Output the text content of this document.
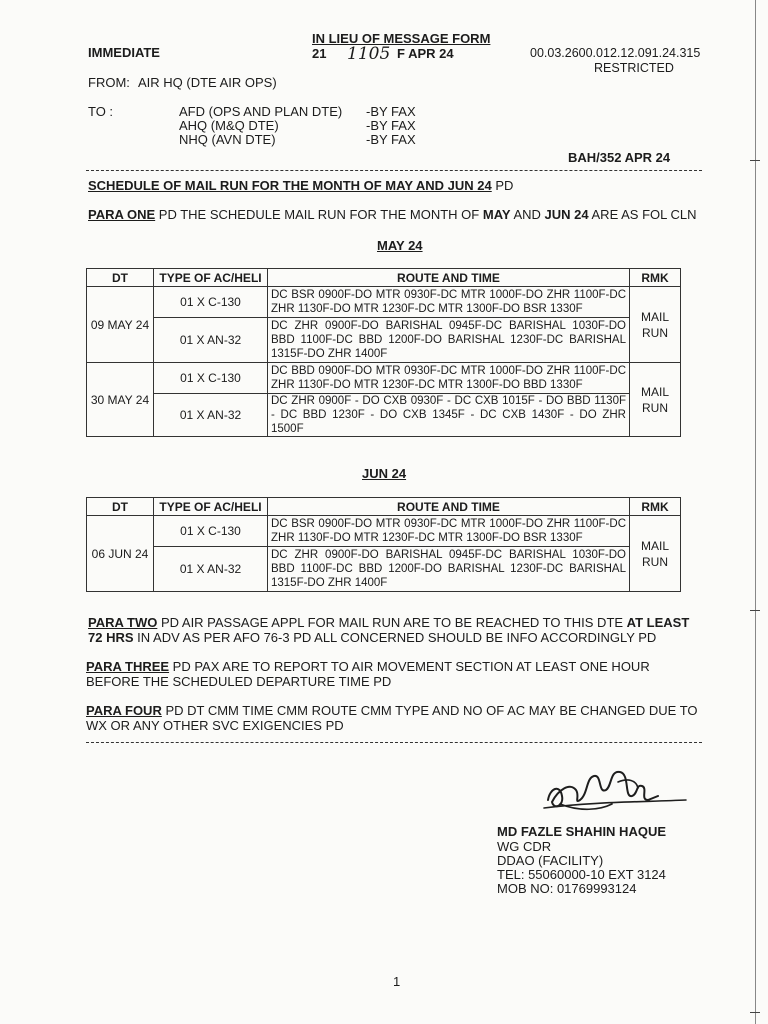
IN LIEU OF MESSAGE FORM
IMMEDIATE	21 1105 F APR 24	00.03.2600.012.12.091.24.315
RESTRICTED
FROM: AIR HQ (DTE AIR OPS)
TO :	AFD (OPS AND PLAN DTE) -BY FAX
AHQ (M&Q DTE)	-BY FAX
NHQ (AVN DTE)	-BY FAX
BAH/352 APR 24
SCHEDULE OF MAIL RUN FOR THE MONTH OF MAY AND JUN 24 PD
PARA ONE PD THE SCHEDULE MAIL RUN FOR THE MONTH OF MAY AND JUN 24 ARE AS FOL CLN
MAY 24
DT	TYPE OF AC/HELI	ROUTE AND TIME	RMK
09 MAY 24	01 X C-130	DC BSR 0900F-DO MTR 0930F-DC MTR 1000F-DO ZHR 1100F-DC ZHR 1130F-DO MTR 1230F-DC MTR 1300F-DO BSR 1330F	MAIL RUN

	01 X AN-32	DC ZHR 0900F-DO BARISHAL 0945F-DC BARISHAL 1030F-DO BBD 1100F-DC BBD 1200F-DO BARISHAL 1230F-DC BARISHAL 1315F-DO ZHR 1400F	
30 MAY 24	01 X C-130	DC BBD 0900F-DO MTR 0930F-DC MTR 1000F-DO ZHR 1100F-DC ZHR 1130F-DO MTR 1230F-DC MTR 1300F-DO BBD 1330F	MAIL RUN

	01 X AN-32	DC ZHR 0900F - DO CXB 0930F - DC CXB 1015F - DO BBD 1130F - DC BBD 1230F - DO CXB 1345F - DC CXB 1430F - DO ZHR 1500F	
JUN 24
DT	TYPE OF AC/HELI	ROUTE AND TIME	RMK
06 JUN 24	01 X C-130	DC BSR 0900F-DO MTR 0930F-DC MTR 1000F-DO ZHR 1100F-DC ZHR 1130F-DO MTR 1230F-DC MTR 1300F-DO BSR 1330F	MAIL RUN

	01 X AN-32	DC ZHR 0900F-DO BARISHAL 0945F-DC BARISHAL 1030F-DO BBD 1100F-DC BBD 1200F-DO BARISHAL 1230F-DC BARISHAL 1315F-DO ZHR 1400F	
PARA TWO PD AIR PASSAGE APPL FOR MAIL RUN ARE TO BE REACHED TO THIS DTE AT LEAST
72 HRS IN ADV AS PER AFO 76-3 PD ALL CONCERNED SHOULD BE INFO ACCORDINGLY PD
PARA THREE PD PAX ARE TO REPORT TO AIR MOVEMENT SECTION AT LEAST ONE HOUR BEFORE THE SCHEDULED DEPARTURE TIME PD
PARA FOUR PD DT CMM TIME CMM ROUTE CMM TYPE AND NO OF AC MAY BE CHANGED DUE TO WX OR ANY OTHER SVC EXIGENCIES PD
MD FAZLE SHAHIN HAQUE
WG CDR
DDAO (FACILITY)
TEL: 55060000-10 EXT 3124
MOB NO: 01769993124
1
